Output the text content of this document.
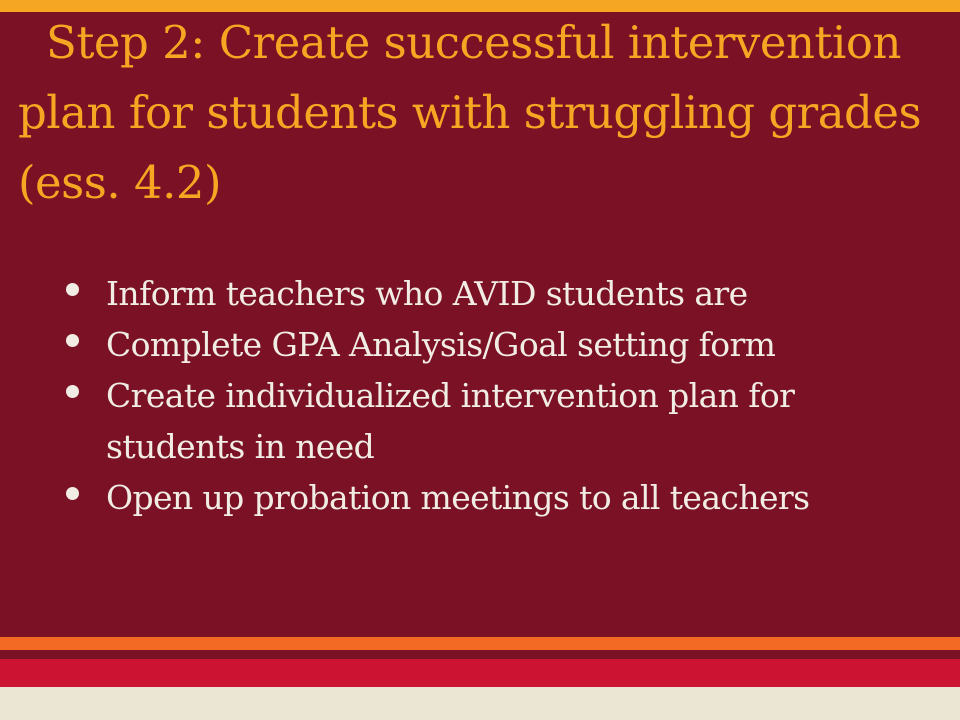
Step 2: Create successful intervention plan for students with struggling grades (ess. 4.2)
Inform teachers who AVID students are
Complete GPA Analysis/Goal setting form
Create individualized intervention plan for students in need
Open up probation meetings to all teachers
